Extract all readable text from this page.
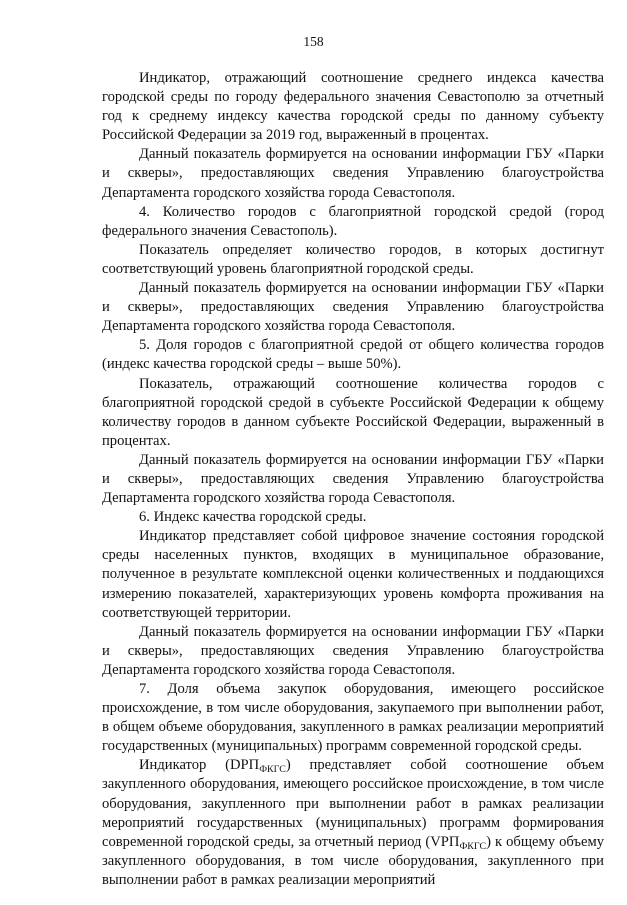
158

Индикатор, отражающий соотношение среднего индекса качества городской среды по городу федерального значения Севастополю за отчетный год к среднему индексу качества городской среды по данному субъекту Российской Федерации за 2019 год, выраженный в процентах.

Данный показатель формируется на основании информации ГБУ «Парки и скверы», предоставляющих сведения Управлению благоустройства Департамента городского хозяйства города Севастополя.

4. Количество городов с благоприятной городской средой (город федерального значения Севастополь).

Показатель определяет количество городов, в которых достигнут соответствующий уровень благоприятной городской среды.

Данный показатель формируется на основании информации ГБУ «Парки и скверы», предоставляющих сведения Управлению благоустройства Департамента городского хозяйства города Севастополя.

5. Доля городов с благоприятной средой от общего количества городов (индекс качества городской среды – выше 50%).

Показатель, отражающий соотношение количества городов с благоприятной городской средой в субъекте Российской Федерации к общему количеству городов в данном субъекте Российской Федерации, выраженный в процентах.

Данный показатель формируется на основании информации ГБУ «Парки и скверы», предоставляющих сведения Управлению благоустройства Департамента городского хозяйства города Севастополя.

6. Индекс качества городской среды.

Индикатор представляет собой цифровое значение состояния городской среды населенных пунктов, входящих в муниципальное образование, полученное в результате комплексной оценки количественных и поддающихся измерению показателей, характеризующих уровень комфорта проживания на соответствующей территории.

Данный показатель формируется на основании информации ГБУ «Парки и скверы», предоставляющих сведения Управлению благоустройства Департамента городского хозяйства города Севастополя.

7. Доля объема закупок оборудования, имеющего российское происхождение, в том числе оборудования, закупаемого при выполнении работ, в общем объеме оборудования, закупленного в рамках реализации мероприятий государственных (муниципальных) программ современной городской среды.

Индикатор $(DРП_{ФКГС})$ представляет собой соотношение объем закупленного оборудования, имеющего российское происхождение, в том числе оборудования, закупленного при выполнении работ в рамках реализации мероприятий государственных (муниципальных) программ формирования современной городской среды, за отчетный период $(VРП_{ФКГС})$ к общему объему закупленного оборудования, в том числе оборудования, закупленного при выполнении работ в рамках реализации мероприятий
